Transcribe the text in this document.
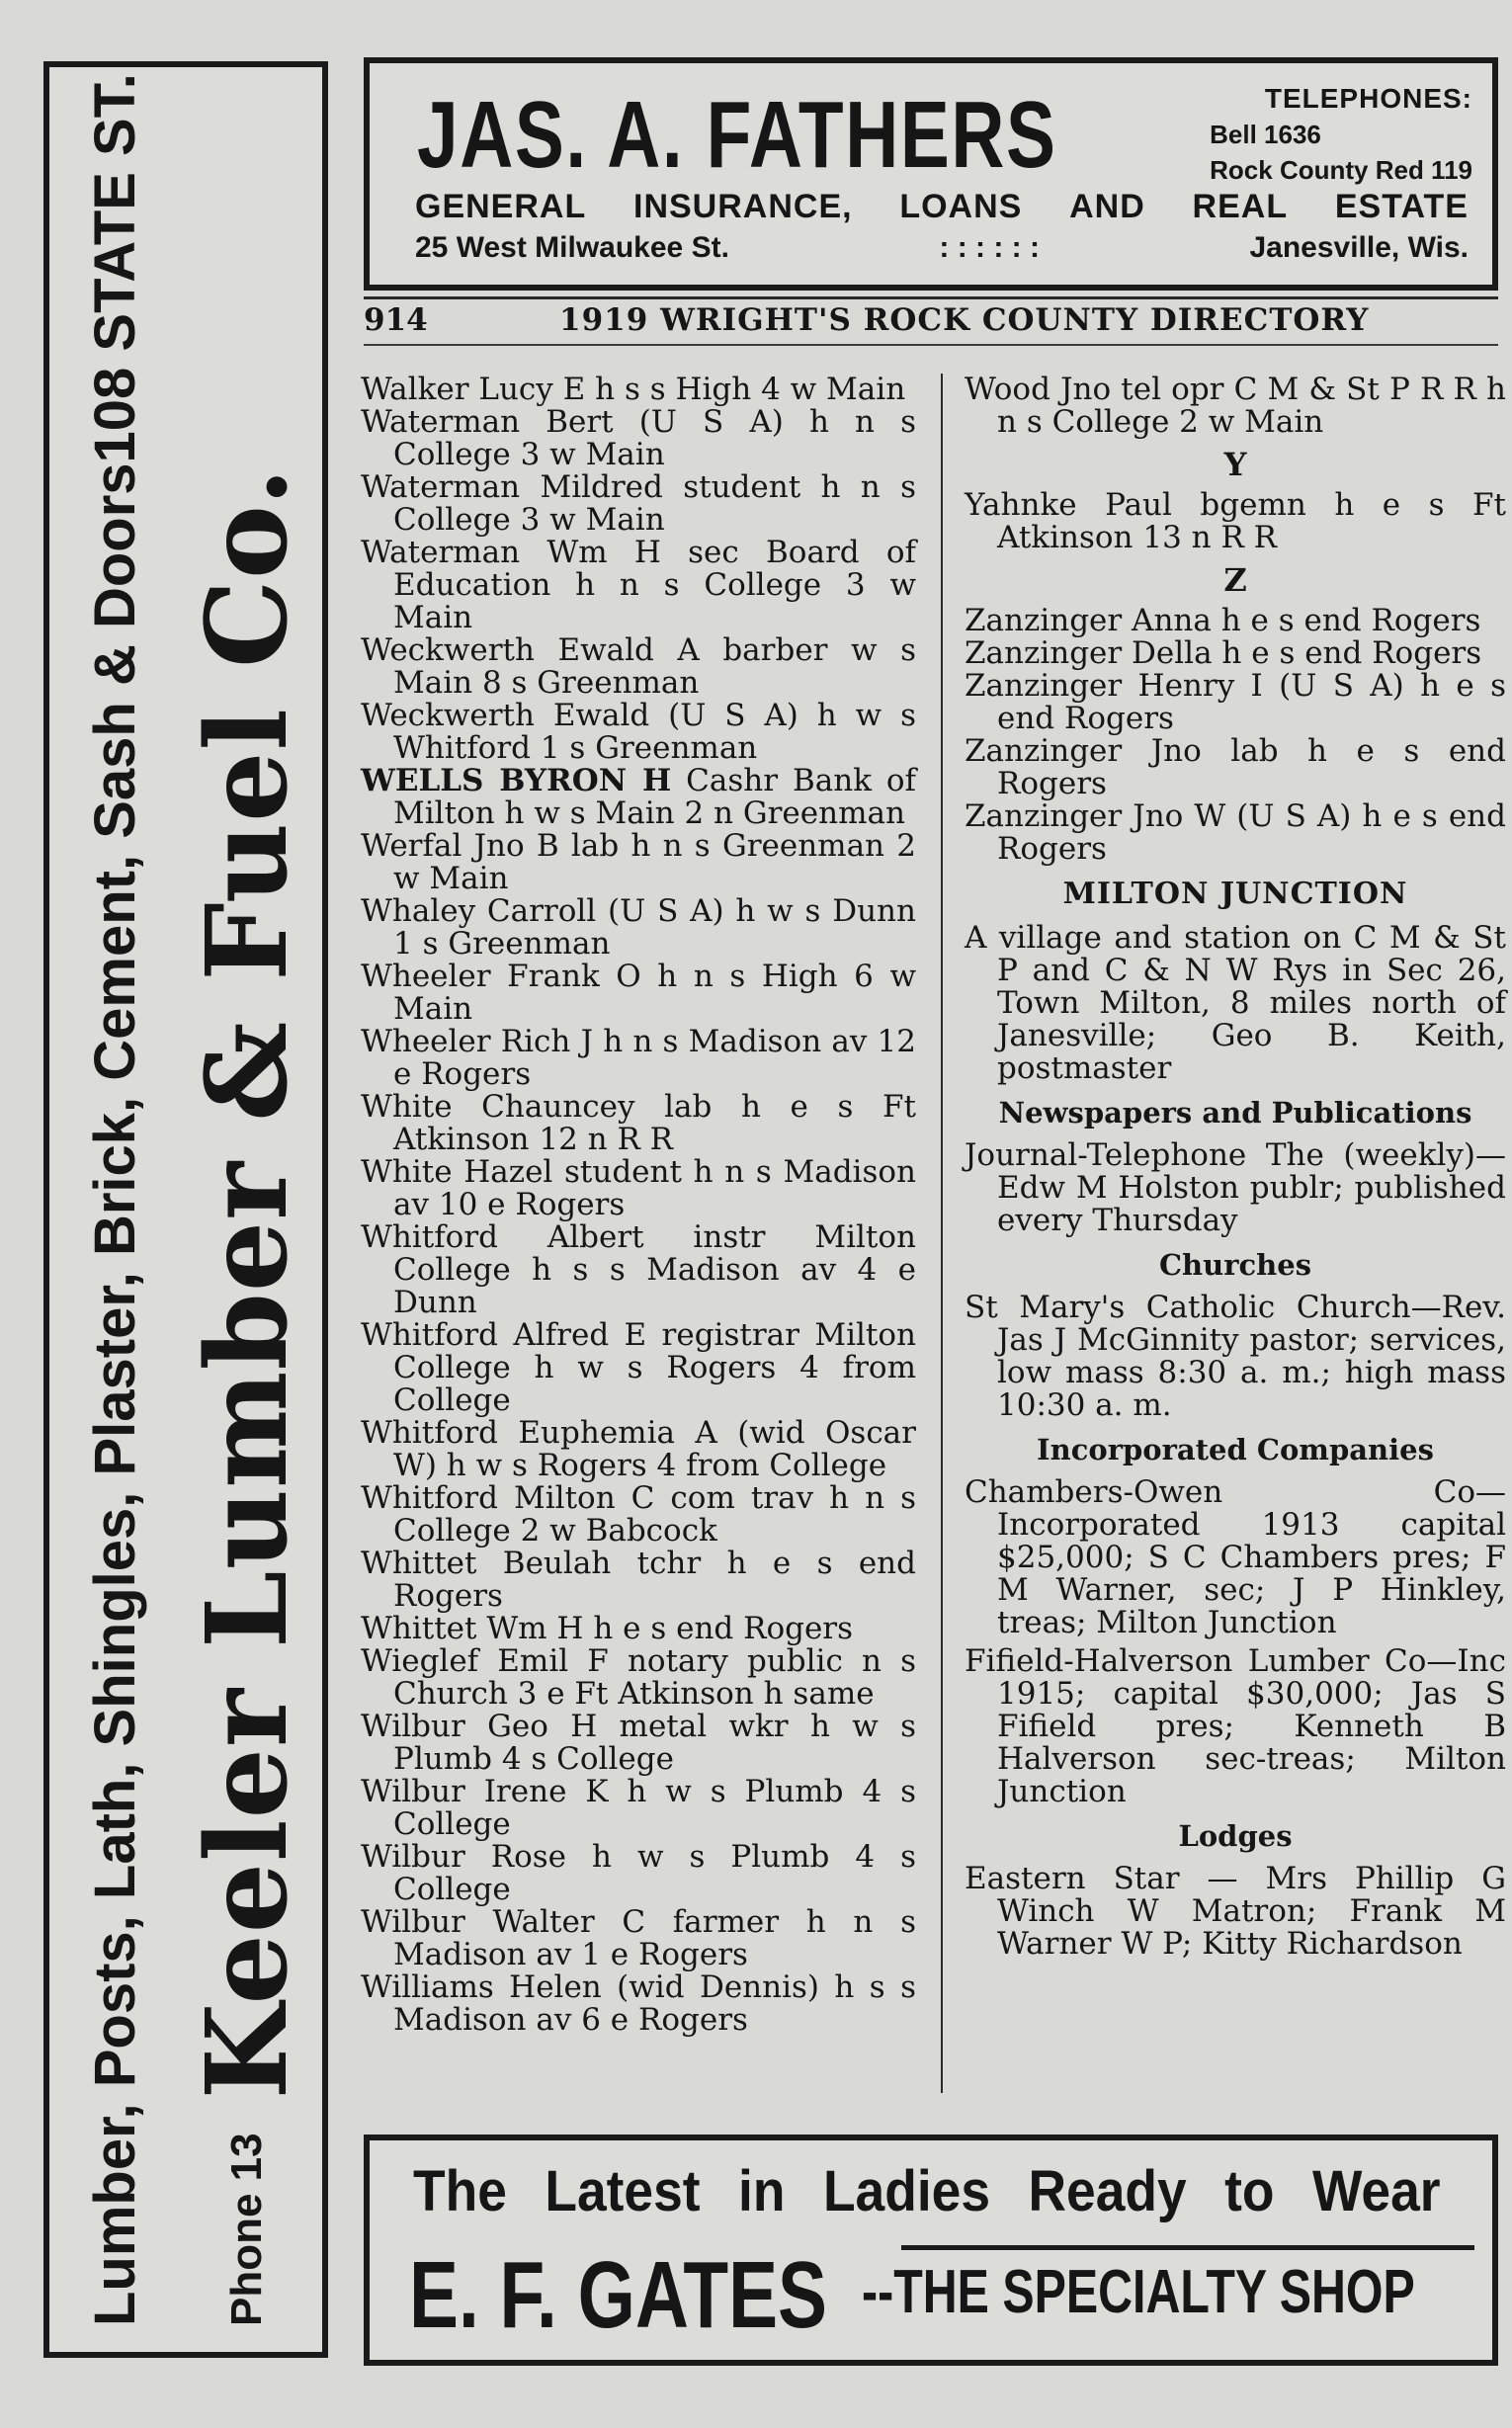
Lumber, Posts, Lath, Shingles, Plaster, Brick, Cement, Sash & Doors
108 STATE ST.
Phone 13
Keeler Lumber & Fuel Co.
JAS. A. FATHERS	TELEPHONES:
Bell 1636
Rock County Red 119
GENERAL INSURANCE, LOANS AND REAL ESTATE
25 West Milwaukee St.	: : : : : :	Janesville, Wis.
914	1919 WRIGHT'S ROCK COUNTY DIRECTORY
Walker Lucy E h s s High 4 w Main
Waterman Bert (U S A) h n s College 3 w Main
Waterman Mildred student h n s College 3 w Main
Waterman Wm H sec Board of Education h n s College 3 w Main
Weckwerth Ewald A barber w s Main 8 s Greenman
Weckwerth Ewald (U S A) h w s Whitford 1 s Greenman
WELLS BYRON H Cashr Bank of Milton h w s Main 2 n Greenman
Werfal Jno B lab h n s Greenman 2 w Main
Whaley Carroll (U S A) h w s Dunn 1 s Greenman
Wheeler Frank O h n s High 6 w Main
Wheeler Rich J h n s Madison av 12 e Rogers
White Chauncey lab h e s Ft Atkinson 12 n R R
White Hazel student h n s Madison av 10 e Rogers
Whitford Albert instr Milton College h s s Madison av 4 e Dunn
Whitford Alfred E registrar Milton College h w s Rogers 4 from College
Whitford Euphemia A (wid Oscar W) h w s Rogers 4 from College
Whitford Milton C com trav h n s College 2 w Babcock
Whittet Beulah tchr h e s end Rogers
Whittet Wm H h e s end Rogers
Wieglef Emil F notary public n s Church 3 e Ft Atkinson h same
Wilbur Geo H metal wkr h w s Plumb 4 s College
Wilbur Irene K h w s Plumb 4 s College
Wilbur Rose h w s Plumb 4 s College
Wilbur Walter C farmer h n s Madison av 1 e Rogers
Williams Helen (wid Dennis) h s s Madison av 6 e Rogers
Wood Jno tel opr C M & St P R R h n s College 2 w Main
Y
Yahnke Paul bgemn h e s Ft Atkinson 13 n R R
Z
Zanzinger Anna h e s end Rogers
Zanzinger Della h e s end Rogers
Zanzinger Henry I (U S A) h e s end Rogers
Zanzinger Jno lab h e s end Rogers
Zanzinger Jno W (U S A) h e s end Rogers
MILTON JUNCTION
A village and station on C M & St P and C & N W Rys in Sec 26, Town Milton, 8 miles north of Janesville; Geo B. Keith, postmaster
Newspapers and Publications
Journal-Telephone The (weekly)—Edw M Holston publr; published every Thursday
Churches
St Mary's Catholic Church—Rev. Jas J McGinnity pastor; services, low mass 8:30 a. m.; high mass 10:30 a. m.
Incorporated Companies
Chambers-Owen Co—Incorporated 1913 capital $25,000; S C Chambers pres; F M Warner, sec; J P Hinkley, treas; Milton Junction
Fifield-Halverson Lumber Co—Inc 1915; capital $30,000; Jas S Fifield pres; Kenneth B Halverson sec-treas; Milton Junction
Lodges
Eastern Star — Mrs Phillip G Winch W Matron; Frank M Warner W P; Kitty Richardson
The Latest in Ladies Ready to Wear
E. F. GATES --THE SPECIALTY SHOP
